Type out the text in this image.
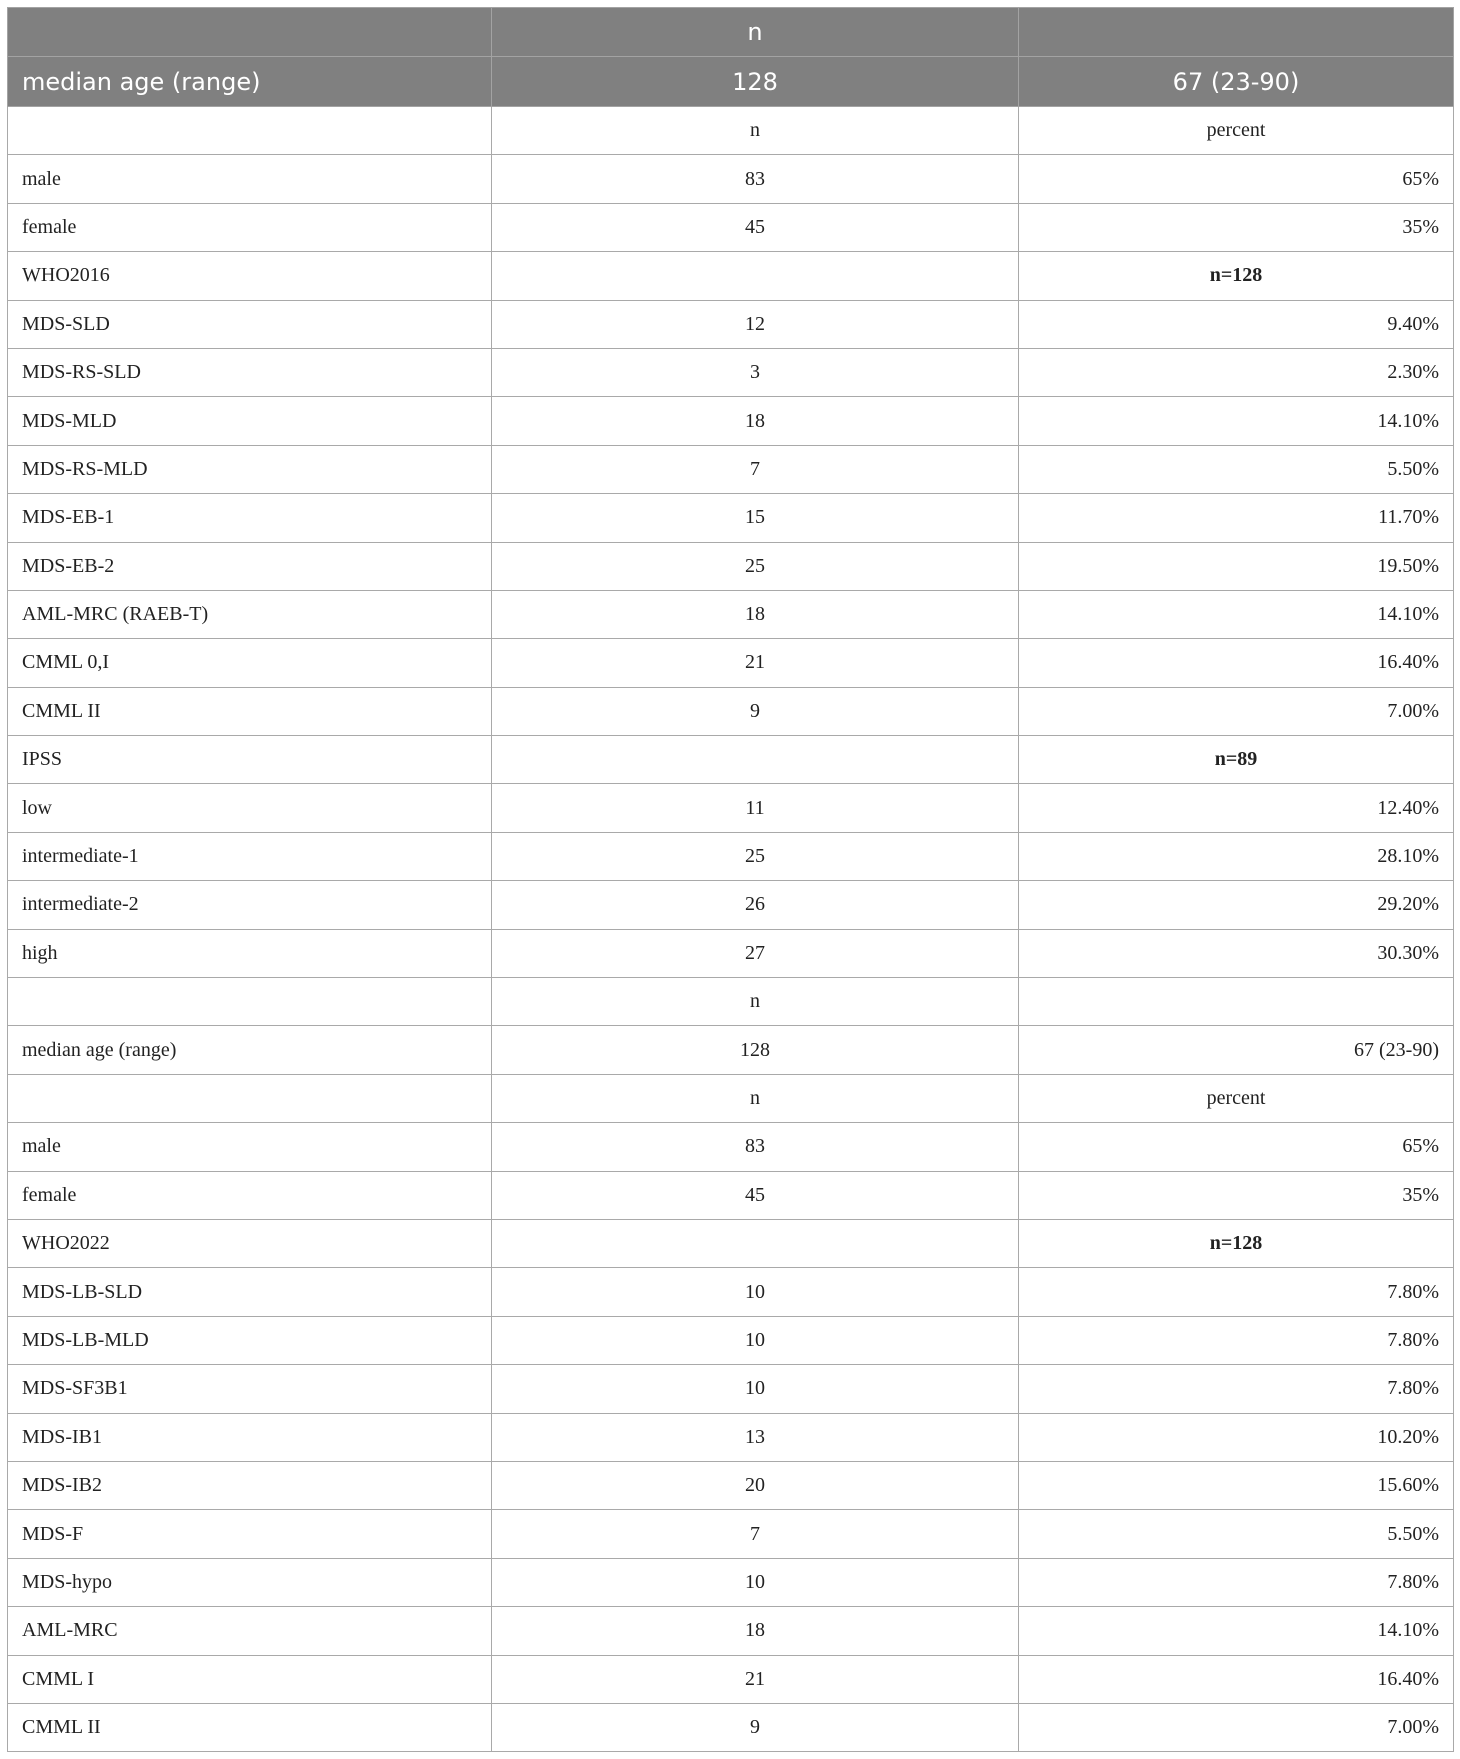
	n	
median age (range)	128	67 (23-90)
	n	percent
male	83	65%
female	45	35%
WHO2016		n=128
MDS-SLD	12	9.40%
MDS-RS-SLD	3	2.30%
MDS-MLD	18	14.10%
MDS-RS-MLD	7	5.50%
MDS-EB-1	15	11.70%
MDS-EB-2	25	19.50%
AML-MRC (RAEB-T)	18	14.10%
CMML 0,I	21	16.40%
CMML II	9	7.00%
IPSS		n=89
low	11	12.40%
intermediate-1	25	28.10%
intermediate-2	26	29.20%
high	27	30.30%
	n	
median age (range)	128	67 (23-90)
	n	percent
male	83	65%
female	45	35%
WHO2022		n=128
MDS-LB-SLD	10	7.80%
MDS-LB-MLD	10	7.80%
MDS-SF3B1	10	7.80%
MDS-IB1	13	10.20%
MDS-IB2	20	15.60%
MDS-F	7	5.50%
MDS-hypo	10	7.80%
AML-MRC	18	14.10%
CMML I	21	16.40%
CMML II	9	7.00%
